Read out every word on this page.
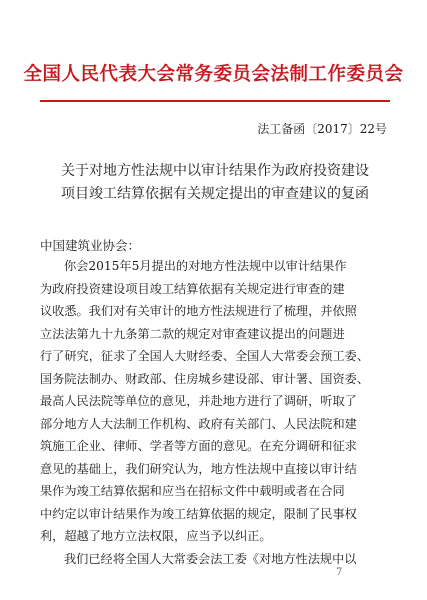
全国人民代表大会常务委员会法制工作委员会
法工备函〔2017〕22号
关于对地方性法规中以审计结果作为政府投资建设
项目竣工结算依据有关规定提出的审查建议的复函
中国建筑业协会：
你会2015年5月提出的对地方性法规中以审计结果作
为政府投资建设项目竣工结算依据有关规定进行审查的建
议收悉。我们对有关审计的地方性法规进行了梳理，并依照
立法法第九十九条第二款的规定对审查建议提出的问题进
行了研究，征求了全国人大财经委、全国人大常委会预工委、
国务院法制办、财政部、住房城乡建设部、审计署、国资委、
最高人民法院等单位的意见，并赴地方进行了调研，听取了
部分地方人大法制工作机构、政府有关部门、人民法院和建
筑施工企业、律师、学者等方面的意见。在充分调研和征求
意见的基础上，我们研究认为，地方性法规中直接以审计结
果作为竣工结算依据和应当在招标文件中载明或者在合同
中约定以审计结果作为竣工结算依据的规定，限制了民事权
利，超越了地方立法权限，应当予以纠正。
我们已经将全国人大常委会法工委《对地方性法规中以
7
